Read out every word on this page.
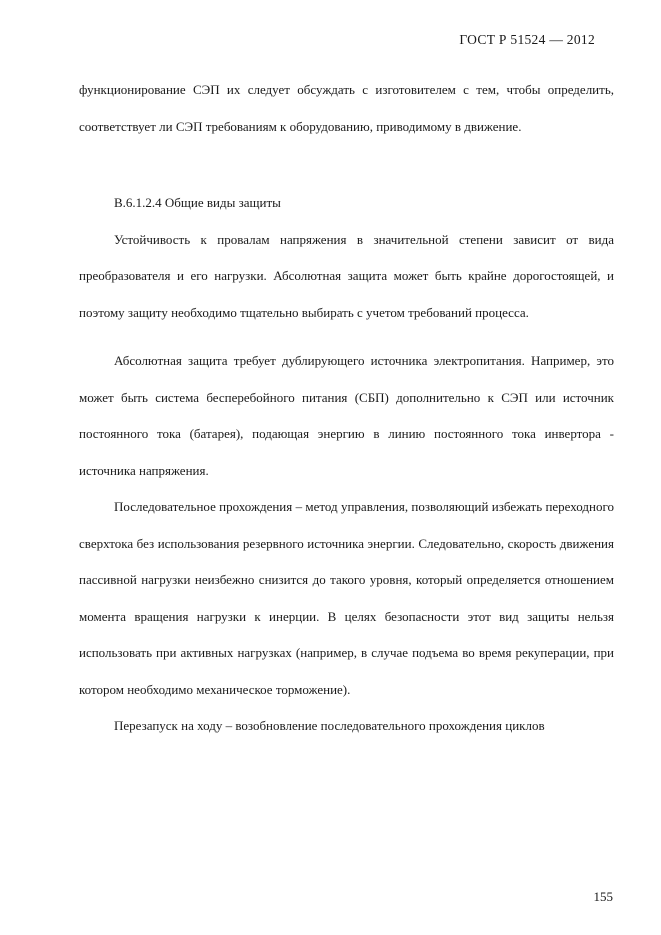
ГОСТ Р 51524 — 2012

функционирование СЭП их следует обсуждать с изготовителем с тем, чтобы определить, соответствует ли СЭП требованиям к оборудованию, приводимому в движение.

В.6.1.2.4 Общие виды защиты

Устойчивость к провалам напряжения в значительной степени зависит от вида преобразователя и его нагрузки. Абсолютная защита может быть крайне дорогостоящей, и поэтому защиту необходимо тщательно выбирать с учетом требований процесса.

Абсолютная защита требует дублирующего источника электропитания. Например, это может быть система бесперебойного питания (СБП) дополнительно к СЭП или источник постоянного тока (батарея), подающая энергию в линию постоянного тока инвертора - источника напряжения.

Последовательное прохождения – метод управления, позволяющий избежать переходного сверхтока без использования резервного источника энергии. Следовательно, скорость движения пассивной нагрузки неизбежно снизится до такого уровня, который определяется отношением момента вращения нагрузки к инерции. В целях безопасности этот вид защиты нельзя использовать при активных нагрузках (например, в случае подъема во время рекуперации, при котором необходимо механическое торможение).

Перезапуск на ходу – возобновление последовательного прохождения циклов

155
